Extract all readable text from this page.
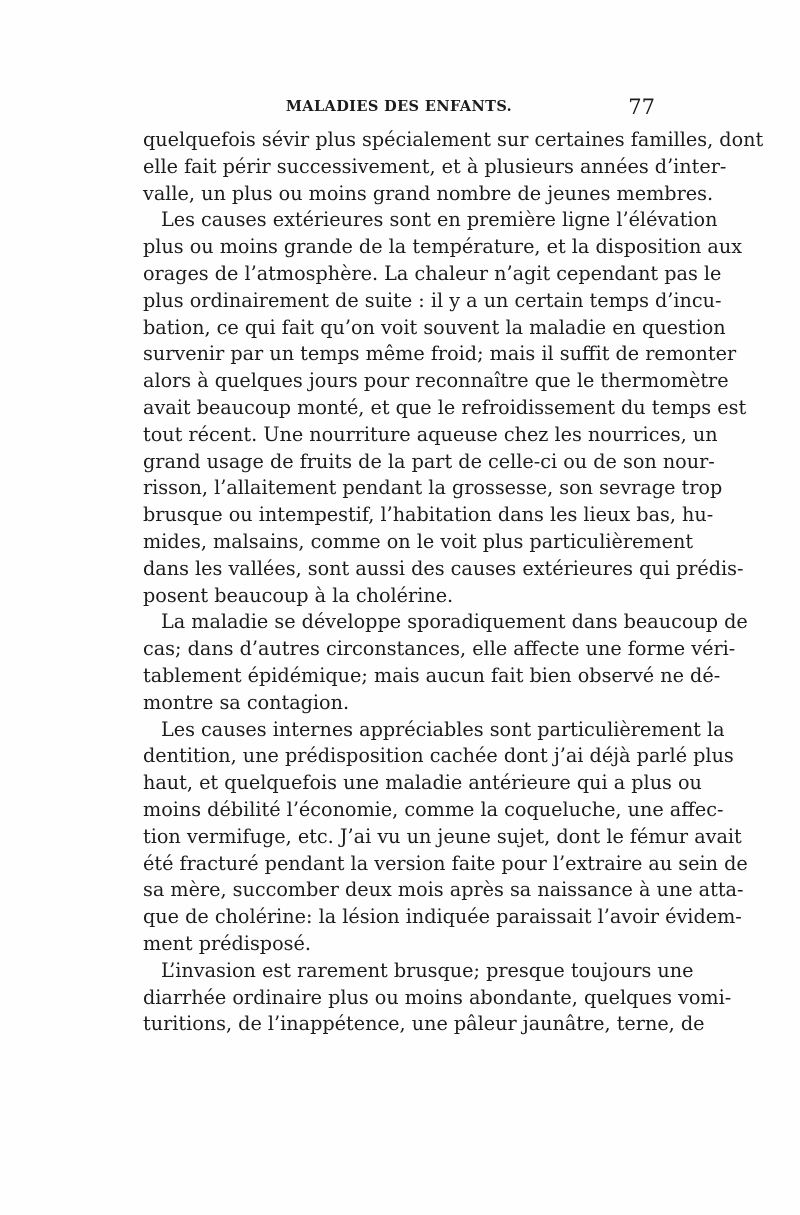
MALADIES DES ENFANTS.	77
quelquefois sévir plus spécialement sur certaines familles, dont
elle fait périr successivement, et à plusieurs années d’inter-
valle, un plus ou moins grand nombre de jeunes membres.
Les causes extérieures sont en première ligne l’élévation
plus ou moins grande de la température, et la disposition aux
orages de l’atmosphère. La chaleur n’agit cependant pas le
plus ordinairement de suite : il y a un certain temps d’incu-
bation, ce qui fait qu’on voit souvent la maladie en question
survenir par un temps même froid; mais il suffit de remonter
alors à quelques jours pour reconnaître que le thermomètre
avait beaucoup monté, et que le refroidissement du temps est
tout récent. Une nourriture aqueuse chez les nourrices, un
grand usage de fruits de la part de celle-ci ou de son nour-
risson, l’allaitement pendant la grossesse, son sevrage trop
brusque ou intempestif, l’habitation dans les lieux bas, hu-
mides, malsains, comme on le voit plus particulièrement
dans les vallées, sont aussi des causes extérieures qui prédis-
posent beaucoup à la cholérine.
La maladie se développe sporadiquement dans beaucoup de
cas; dans d’autres circonstances, elle affecte une forme véri-
tablement épidémique; mais aucun fait bien observé ne dé-
montre sa contagion.
Les causes internes appréciables sont particulièrement la
dentition, une prédisposition cachée dont j’ai déjà parlé plus
haut, et quelquefois une maladie antérieure qui a plus ou
moins débilité l’économie, comme la coqueluche, une affec-
tion vermifuge, etc. J’ai vu un jeune sujet, dont le fémur avait
été fracturé pendant la version faite pour l’extraire au sein de
sa mère, succomber deux mois après sa naissance à une atta-
que de cholérine: la lésion indiquée paraissait l’avoir évidem-
ment prédisposé.
L’invasion est rarement brusque; presque toujours une
diarrhée ordinaire plus ou moins abondante, quelques vomi-
turitions, de l’inappétence, une pâleur jaunâtre, terne, de
